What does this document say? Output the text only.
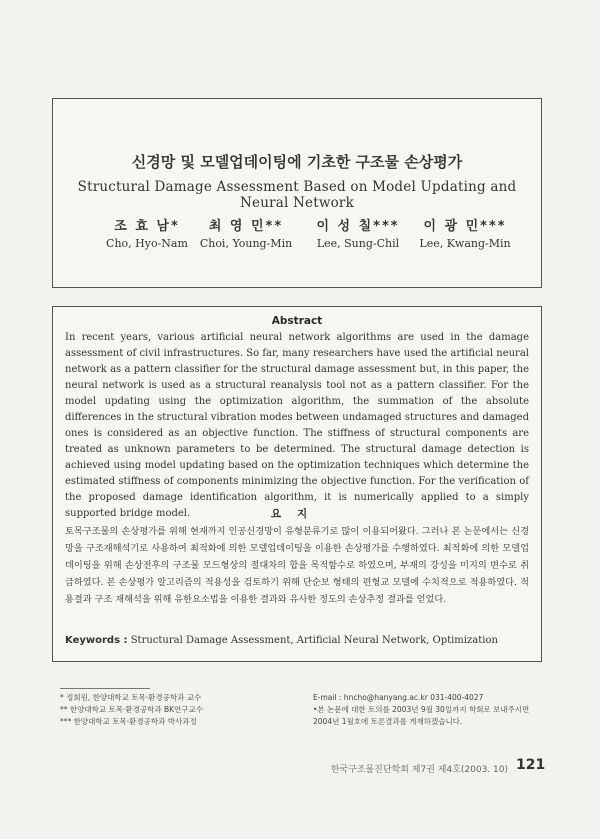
신경망 및 모델업데이팅에 기초한 구조물 손상평가
Structural Damage Assessment Based on Model Updating and Neural Network
조 효 남*	최 영 민**	이 성 칠***	이 광 민***
Cho, Hyo-Nam	Choi, Young-Min	Lee, Sung-Chil	Lee, Kwang-Min
Abstract
In recent years, various artificial neural network algorithms are used in the damage assessment of civil infrastructures. So far, many researchers have used the artificial neural network as a pattern classifier for the structural damage assessment but, in this paper, the neural network is used as a structural reanalysis tool not as a pattern classifier. For the model updating using the optimization algorithm, the summation of the absolute differences in the structural vibration modes between undamaged structures and damaged ones is considered as an objective function. The stiffness of structural components are treated as unknown parameters to be determined. The structural damage detection is achieved using model updating based on the optimization techniques which determine the estimated stiffness of components minimizing the objective function. For the verification of the proposed damage identification algorithm, it is numerically applied to a simply supported bridge model.	요지
토목구조물의 손상평가를 위해 현재까지 인공신경망이 유형분류기로 많이 이용되어왔다. 그러나 본 논문에서는 신경망을 구조재해석기로 사용하여 최적화에 의한 모델업데이팅을 이용한 손상평가를 수행하였다. 최적화에 의한 모델업데이팅을 위해 손상전후의 구조물 모드형상의 절대차의 합을 목적함수로 하였으며, 부재의 강성을 미지의 변수로 취급하였다. 본 손상평가 알고리즘의 적용성을 검토하기 위해 단순보 형태의 편형교 모델에 수치적으로 적용하였다. 적용결과 구조 재해석을 위해 유한요소법을 이용한 결과와 유사한 정도의 손상추정 결과를 얻었다.
Keywords : Structural Damage Assessment, Artificial Neural Network, Optimization
* 정회원, 한양대학교 토목·환경공학과 교수
** 한양대학교 토목·환경공학과 BK연구교수
*** 한양대학교 토목·환경공학과 박사과정
E-mail : hncho@hanyang.ac.kr 031-400-4027
•본 논문에 대한 토의를 2003년 9월 30일까지 학회로 보내주시면 2004년 1월호에 토론결과를 게재하겠습니다.
한국구조물진단학회 제7권 제4호(2003. 10) 121
